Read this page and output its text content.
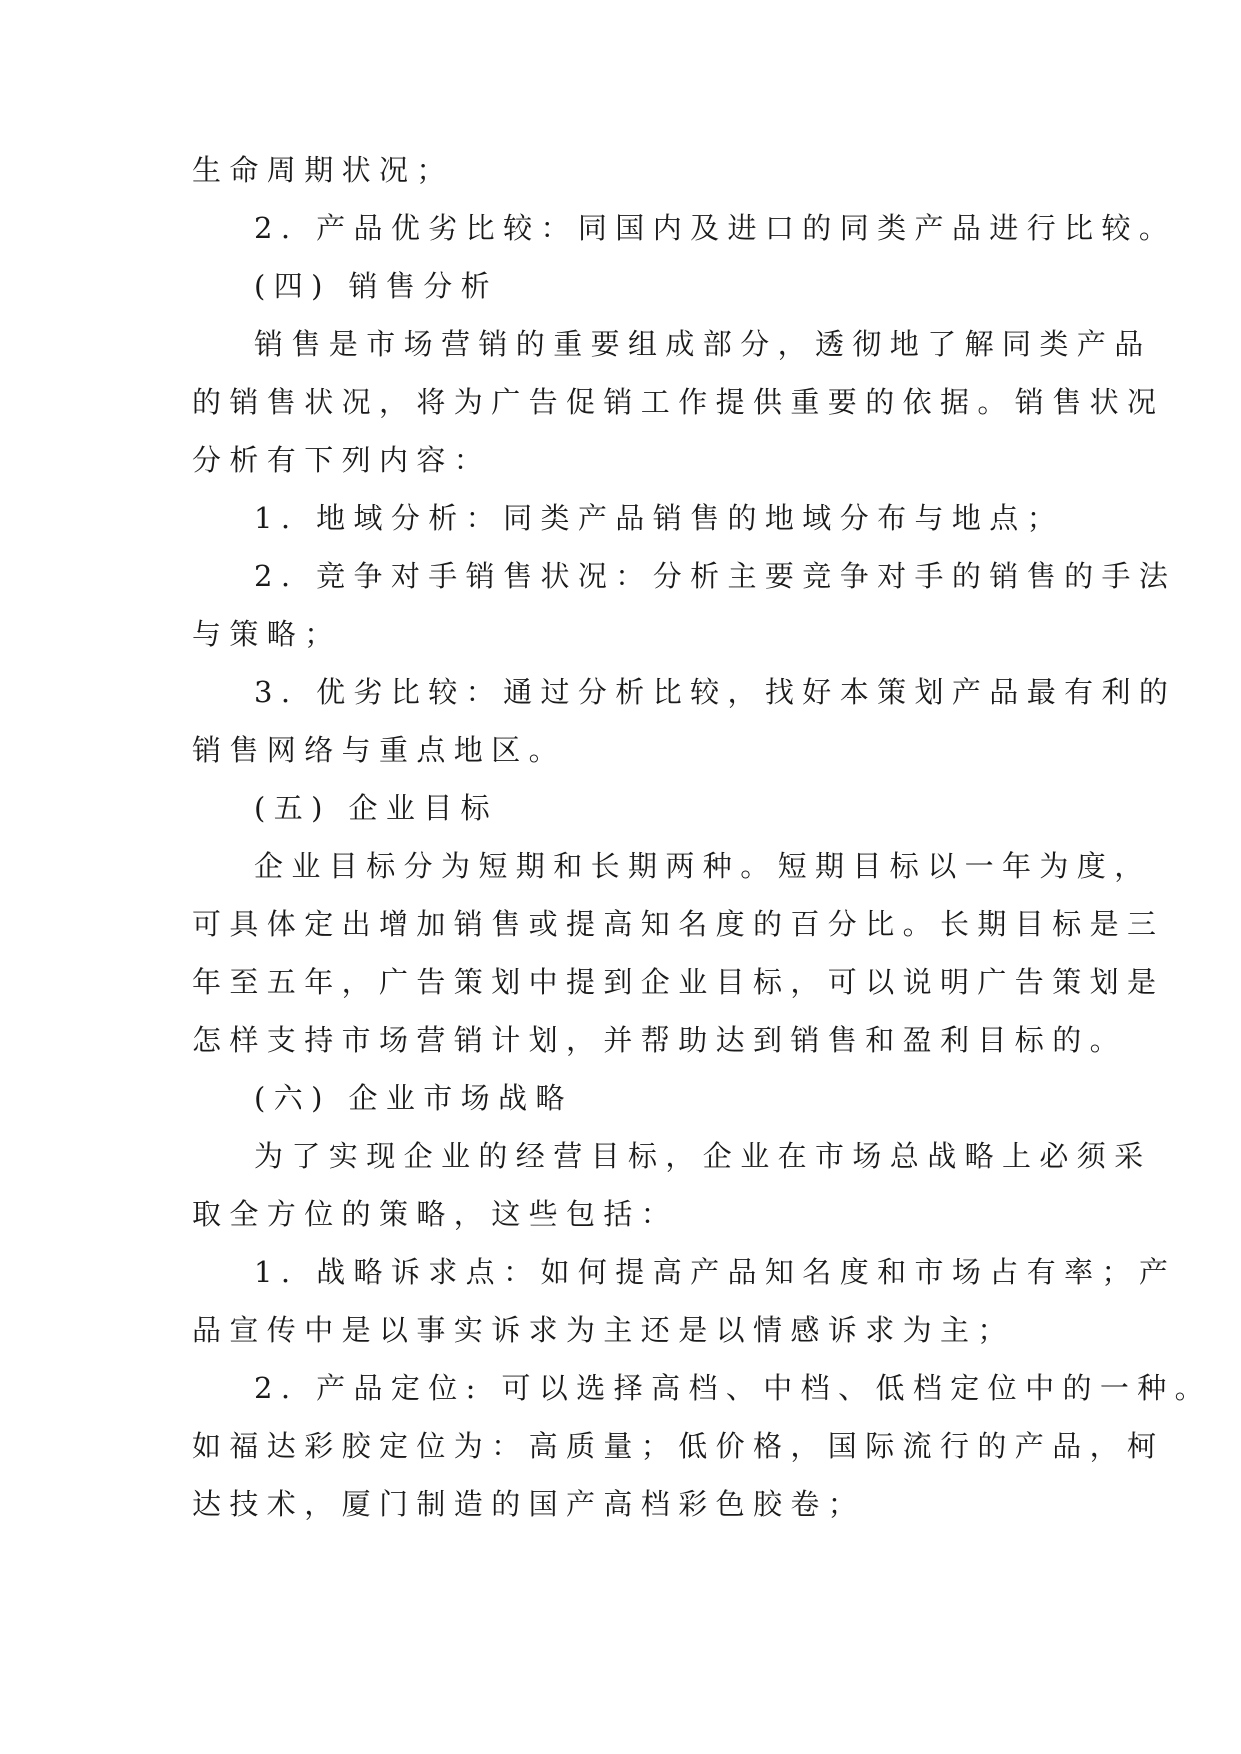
生命周期状况；
2. 产品优劣比较：同国内及进口的同类产品进行比较。
(四) 销售分析
销售是市场营销的重要组成部分，透彻地了解同类产品
的销售状况，将为广告促销工作提供重要的依据。销售状况
分析有下列内容：
1. 地域分析：同类产品销售的地域分布与地点；
2. 竞争对手销售状况：分析主要竞争对手的销售的手法
与策略；
3. 优劣比较：通过分析比较，找好本策划产品最有利的
销售网络与重点地区。
(五) 企业目标
企业目标分为短期和长期两种。短期目标以一年为度，
可具体定出增加销售或提高知名度的百分比。长期目标是三
年至五年，广告策划中提到企业目标，可以说明广告策划是
怎样支持市场营销计划，并帮助达到销售和盈利目标的。
(六) 企业市场战略
为了实现企业的经营目标，企业在市场总战略上必须采
取全方位的策略，这些包括：
1. 战略诉求点：如何提高产品知名度和市场占有率；产
品宣传中是以事实诉求为主还是以情感诉求为主；
2. 产品定位: 可以选择高档、中档、低档定位中的一种。
如福达彩胶定位为：高质量；低价格，国际流行的产品，柯
达技术，厦门制造的国产高档彩色胶卷；
